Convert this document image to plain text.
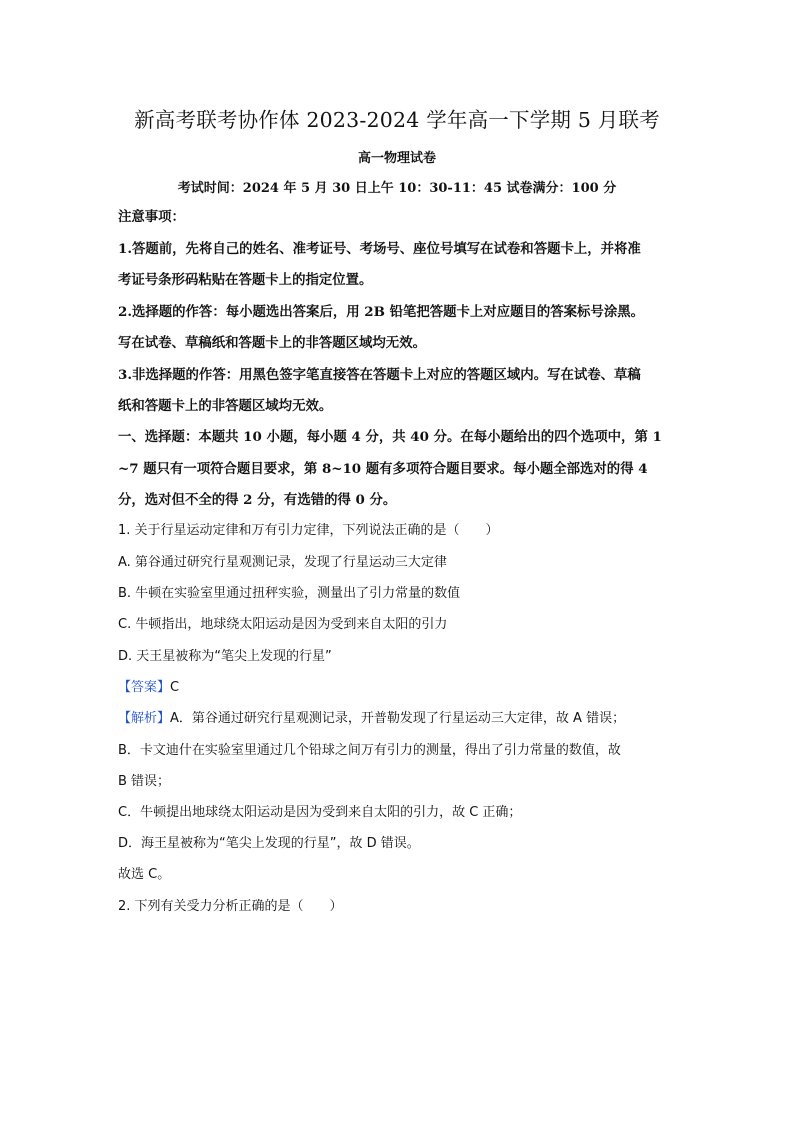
新高考联考协作体 2023-2024 学年高一下学期 5 月联考
高一物理试卷
考试时间：2024 年 5 月 30 日上午 10：30-11：45 试卷满分：100 分
注意事项：
1.答题前，先将自己的姓名、准考证号、考场号、座位号填写在试卷和答题卡上，并将准
考证号条形码粘贴在答题卡上的指定位置。
2.选择题的作答：每小题选出答案后，用 2B 铅笔把答题卡上对应题目的答案标号涂黑。
写在试卷、草稿纸和答题卡上的非答题区域均无效。
3.非选择题的作答：用黑色签字笔直接答在答题卡上对应的答题区域内。写在试卷、草稿
纸和答题卡上的非答题区域均无效。
一、选择题：本题共 10 小题，每小题 4 分，共 40 分。在每小题给出的四个选项中，第 1
~7 题只有一项符合题目要求，第 8~10 题有多项符合题目要求。每小题全部选对的得 4
分，选对但不全的得 2 分，有选错的得 0 分。
1. 关于行星运动定律和万有引力定律，下列说法正确的是（　　）
A. 第谷通过研究行星观测记录，发现了行星运动三大定律
B. 牛顿在实验室里通过扭秤实验，测量出了引力常量的数值
C. 牛顿指出，地球绕太阳运动是因为受到来自太阳的引力
D. 天王星被称为“笔尖上发现的行星”
【答案】C
【解析】A．第谷通过研究行星观测记录，开普勒发现了行星运动三大定律，故 A 错误；
B．卡文迪什在实验室里通过几个铅球之间万有引力的测量，得出了引力常量的数值，故
B 错误；
C．牛顿提出地球绕太阳运动是因为受到来自太阳的引力，故 C 正确；
D．海王星被称为“笔尖上发现的行星”，故 D 错误。
故选 C。
2. 下列有关受力分析正确的是（　　）
